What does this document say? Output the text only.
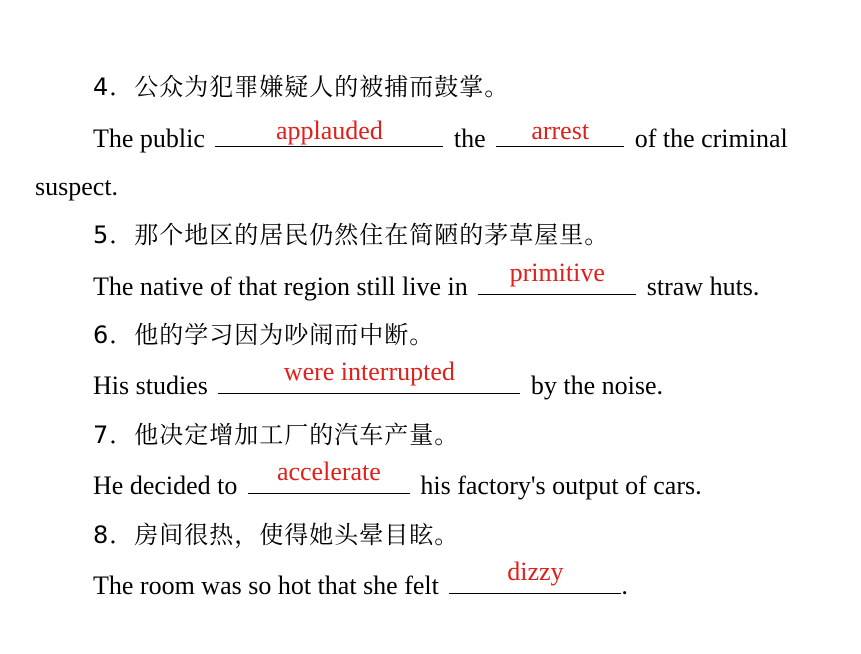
4．公众为犯罪嫌疑人的被捕而鼓掌。
The public	applauded	the	arrest	of the criminal
suspect.
5．那个地区的居民仍然住在简陋的茅草屋里。
The native of that region still live in	primitive	straw huts.
6．他的学习因为吵闹而中断。
His studies	were interrupted	by the noise.
7．他决定增加工厂的汽车产量。
He decided to	accelerate	his factory's output of cars.
8．房间很热，使得她头晕目眩。
The room was so hot that she felt	dizzy	.
